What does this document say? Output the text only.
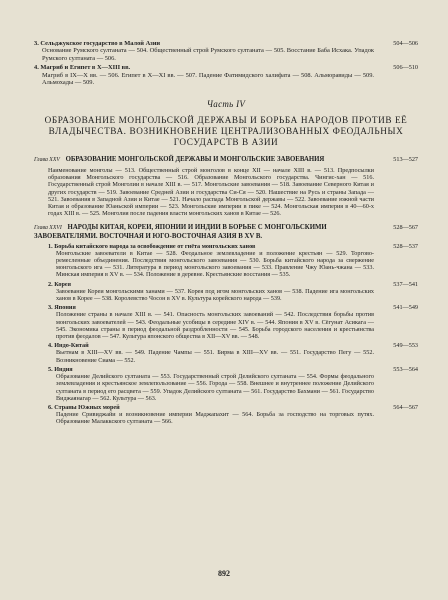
3. Сельджукское государство в Малой Азии	504—506
Основание Румского султаната — 504. Общественный строй Румского султаната — 505. Восстание Баба Исхака. Упадок Румского султаната — 506.
4. Магриб и Египет в X—XIII вв.	506—510
Магриб в IX—X вв. — 506. Египет в X—XI вв. — 507. Падение Фатимидского халифата — 508. Альморавиды — 509. Альмохады — 509.
Часть IV
ОБРАЗОВАНИЕ МОНГОЛЬСКОЙ ДЕРЖАВЫ И БОРЬБА НАРОДОВ ПРОТИВ ЕЁ ВЛАДЫЧЕСТВА. ВОЗНИКНОВЕНИЕ ЦЕНТРАЛИЗОВАННЫХ ФЕОДАЛЬНЫХ ГОСУДАРСТВ В АЗИИ
Глава XXV ОБРАЗОВАНИЕ МОНГОЛЬСКОЙ ДЕРЖАВЫ И МОНГОЛЬСКИЕ ЗАВОЕВАНИЯ	513—527
Наименование монголы — 513. Общественный строй монголов в конце XII — начале XIII в. — 513. Предпосылки образования Монгольского государства — 516. Образование Монгольского государства. Чингис-хан — 516. Государственный строй Монголии в начале XIII в. — 517. Монгольские завоевания — 518. Завоевание Северного Китая и других государств — 519. Завоевание Средней Азии и государства Си-Ся — 520. Нашествие на Русь и страны Запада — 521. Завоевания в Западной Азии и Китае — 521. Начало распада Монгольской державы — 522. Завоевание южной части Китая и образование Юаньской империи — 523. Монгольские империи в пике — 524. Монгольская империя в 40—60-х годах XIII в. — 525. Монголия после падения власти монгольских ханов в Китае — 526.
Глава XXVI НАРОДЫ КИТАЯ, КОРЕИ, ЯПОНИИ И ИНДИИ В БОРЬБЕ С МОНГОЛЬСКИМИ ЗАВОЕВАТЕЛЯМИ. ВОСТОЧНАЯ И ЮГО-ВОСТОЧНАЯ АЗИЯ В XV В.
528—567
1. Борьба китайского народа за освобождение от гнёта монгольских ханов	528—537
Монгольские завоеватели в Китае — 528. Феодальное землевладение и положение крестьян — 529. Торгово-ремесленные объединения. Последствия монгольского завоевания — 530. Борьба китайского народа за свержение монгольского ига — 531. Литература в период монгольского завоевания — 533. Правление Чжу Юань-чжана — 533. Минская империя в XV в. — 534. Положение в деревне. Крестьянские восстания — 535.
2. Корея	537—541
Завоевание Кореи монгольскими ханами — 537. Корея под игом монгольских ханов — 538. Падение ига монгольских ханов в Корее — 538. Королевство Чосон в XV в. Культура корейского народа — 539.
3. Япония	541—549
Положение страны в начале XIII в. — 541. Опасность монгольских завоеваний — 542. Последствия борьбы против монгольских завоевателей — 543. Феодальные усобицы в середине XIV в. — 544. Япония в XV в. Сёгунат Асикага — 545. Экономика страны в период феодальной раздробленности — 545. Борьба городского населения и крестьянства против феодалов — 547. Культура японского общества в XII—XV вв. — 548.
4. Индо-Китай	549—553
Вьетнам в XIII—XV вв. — 549. Падение Чампы — 551. Бирма в XIII—XV вв. — 551. Государство Пегу — 552. Возникновение Сиама — 552.
5. Индия	553—564
Образование Делийского султаната — 553. Государственный строй Делийского султаната — 554. Формы феодального землевладения и крестьянское землепользование — 556. Города — 558. Внешнее и внутреннее положение Делийского султаната в период его расцвета — 559. Упадок Делийского султаната — 561. Государство Бахмани — 561. Государство Виджаянагар — 562. Культура — 563.
6. Страны Южных морей	564—567
Падение Сривиджайи и возникновение империи Маджапахит — 564. Борьба за господство на торговых путях. Образование Малаккского султаната — 566.
892
